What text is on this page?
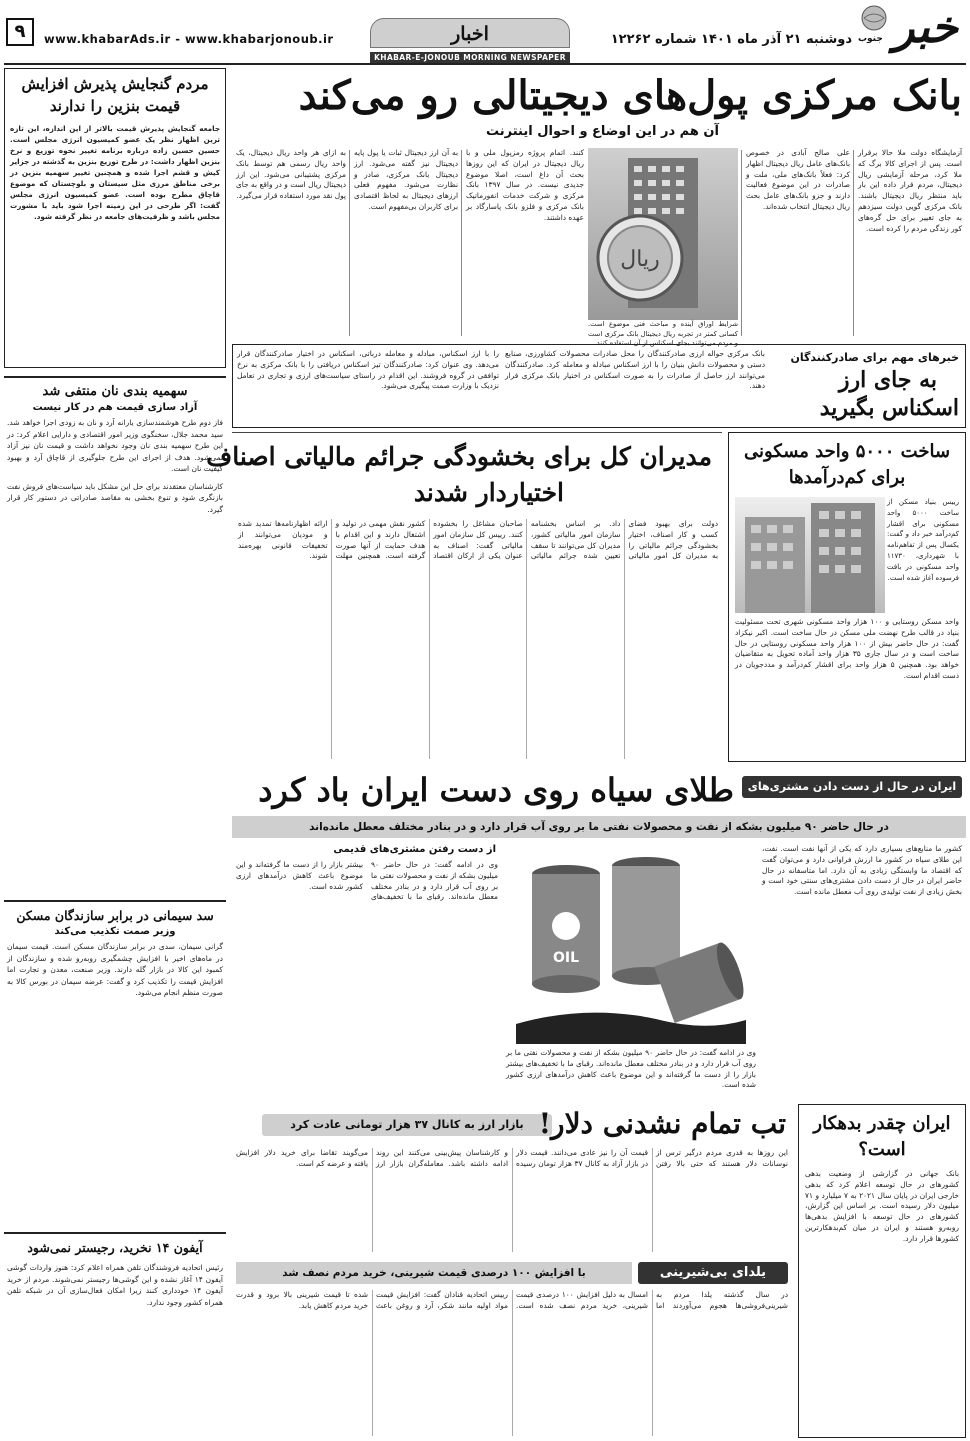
خبر
جنوب
دوشنبه ۲۱ آذر ماه ۱۴۰۱ شماره ۱۲۲۶۲
اخبار
www.khabarAds.ir - www.khabarjonoub.ir
۹
KHABAR-E-JONOUB MORNING NEWSPAPER
مردم گنجایش پذیرش افزایش قیمت بنزین را ندارند
جامعه گنجایش پذیرش قیمت بالاتر از این اندازه، این تازه ترین اظهار نظر یک عضو کمیسیون انرژی مجلس است. حسین حسین زاده درباره برنامه تغییر نحوه توزیع و نرخ بنزین اظهار داشت: در طرح توزیع بنزین به گذشته در جزایر کیش و قشم اجرا شده و همچنین تغییر سهمیه بنزین در برخی مناطق مرزی مثل سیستان و بلوچستان که موضوع قاچاق مطرح بوده است. عضو کمیسیون انرژی مجلس گفت: اگر طرحی در این زمینه اجرا شود باید با مشورت مجلس باشد و ظرفیت‌های جامعه در نظر گرفته شود.
بانک مرکزی پول‌های دیجیتالی رو می‌کند
آن هم در این اوضاع و احوال اینترنت
آزمایشگاه دولت ملا حالا برقرار است. پس از اجرای کالا برگ که ملا کرد، مرحله آزمایشی ریال دیجیتال، مردم قرار داده این بار باید منتظر ریال دیجیتال باشند. بانک مرکزی گویی دولت سیزدهم به جای تغییر برای حل گره‌های کور زندگی مردم را کرده است.
علی صالح آبادی در خصوص بانک‌های عامل ریال دیجیتال اظهار کرد: فعلاً بانک‌های ملی، ملت و صادرات در این موضوع فعالیت دارند و جزو بانک‌های عامل بحث ریال دیجیتال انتخاب شده‌اند.
ریال
شرایط اوراق آینده و مباحث فنی موضوع است. کسانی کمتر در تجربه ریال دیجیتال بانک مرکزی است و مردم می‌توانند بجای اسکناس از آن استفاده کنند.
کنند. اتمام پروژه رمزپول ملی و با ریال دیجیتال در ایران که این روزها بحث آن داغ است، اصلا موضوع جدیدی نیست. در سال ۱۳۹۷ بانک مرکزی و شرکت خدمات انفورماتیک بانک مرکزی و فلزو بانک پاسارگاد بر عهده داشتند.
به آن ارز دیجیتال ثبات یا پول پایه دیجیتال نیز گفته می‌شود. ارز دیجیتال بانک مرکزی، صادر و نظارت می‌شود. مفهوم فعلی ارزهای دیجیتال به لحاظ اقتصادی برای کاربران بی‌مفهوم است.
به ازای هر واحد ریال دیجیتال، یک واحد ریال رسمی هم توسط بانک مرکزی پشتیبانی می‌شود. این ارز دیجیتال ریال است و در واقع به جای پول نقد مورد استفاده قرار می‌گیرد.
خبرهای مهم برای صادرکنندگان
به جای ارز
اسکناس بگیرید
بانک مرکزی حواله ارزی صادرکنندگان را محل صادرات محصولات کشاورزی، صنایع دستی و محصولات دانش بنیان را با ارز اسکناس مبادله و معامله کرد. صادرکنندگان می‌توانند ارز حاصل از صادرات را به صورت اسکناس در اختیار بانک مرکزی قرار دهند.
را با ارز اسکناس، مبادله و معامله درباتی، اسکناس در اختیار صادرکنندگان قرار می‌دهد. وی عنوان کرد: صادرکنندگان تیز اسکناس دریافتی را با بانک مرکزی به نرخ توافقی در گروه فروشند. این اقدام در راستای سیاست‌های ارزی و تجاری در تعامل نزدیک با وزارت صمت پیگیری می‌شود.
سهمیه بندی نان منتفی شد
آزاد سازی قیمت هم در کار نیست
فاز دوم طرح هوشمندسازی یارانه آرد و نان به زودی اجرا خواهد شد. سید محمد جلال، سخنگوی وزیر امور اقتصادی و دارایی اعلام کرد: در این طرح سهمیه بندی نان وجود نخواهد داشت و قیمت نان نیز آزاد نمی‌شود. هدف از اجرای این طرح جلوگیری از قاچاق آرد و بهبود کیفیت نان است.
کارشناسان معتقدند برای حل این مشکل باید سیاست‌های فروش نفت بازنگری شود و تنوع بخشی به مقاصد صادراتی در دستور کار قرار گیرد.
مدیران کل برای بخشودگی جرائم مالیاتی اصناف
اختیاردار شدند
دولت برای بهبود فضای کسب و کار اصناف، اختیار بخشودگی جرائم مالیاتی را به مدیران کل امور مالیاتی داد. بر اساس بخشنامه سازمان امور مالیاتی کشور، مدیران کل می‌توانند تا سقف تعیین شده جرائم مالیاتی صاحبان مشاغل را بخشوده کنند. رییس کل سازمان امور مالیاتی گفت: اصناف به عنوان یکی از ارکان اقتصاد کشور نقش مهمی در تولید و اشتغال دارند و این اقدام با هدف حمایت از آنها صورت گرفته است. همچنین مهلت ارائه اظهارنامه‌ها تمدید شده و مودیان می‌توانند از تخفیفات قانونی بهره‌مند شوند.
ساخت ۵۰۰۰ واحد مسکونی
برای کم‌درآمدها
رییس بنیاد مسکن از ساخت ۵۰۰۰ واحد مسکونی برای اقشار کم‌درآمد خبر داد و گفت: یکسال پس از تفاهم‌نامه با شهرداری، ۱۱۷۳۰ واحد مسکونی در بافت فرسوده آغاز شده است.
واحد مسکن روستایی و ۱۰۰ هزار واحد مسکونی شهری تحت مسئولیت بنیاد در قالب طرح نهضت ملی مسکن در حال ساخت است. اکبر نیکزاد گفت: در حال حاضر بیش از ۱۰۰ هزار واحد مسکونی روستایی در حال ساخت است و در سال جاری ۳۵ هزار واحد آماده تحویل به متقاضیان خواهد بود. همچنین ۵ هزار واحد برای اقشار کم‌درآمد و مددجویان در دست اقدام است.
ایران در حال از دست دادن مشتری‌های سنتی
طلای سیاه روی دست ایران باد کرد
در حال حاضر ۹۰ میلیون بشکه از نفت و محصولات نفتی ما بر روی آب قرار دارد و در بنادر مختلف معطل مانده‌اند
کشور ما منابع‌های بسیاری دارد که یکی از آنها نفت است. نفت، این طلای سیاه در کشور ما ارزش فراوانی دارد و می‌توان گفت که اقتصاد ما وابستگی زیادی به آن دارد. اما متاسفانه در حال حاضر ایران در حال از دست دادن مشتری‌های سنتی خود است و بخش زیادی از نفت تولیدی روی آب معطل مانده است.
OIL
وی در ادامه گفت: در حال حاضر ۹۰ میلیون بشکه از نفت و محصولات نفتی ما بر روی آب قرار دارد و در بنادر مختلف معطل مانده‌اند. رقبای ما با تخفیف‌های بیشتر بازار را از دست ما گرفته‌اند و این موضوع باعث کاهش درآمدهای ارزی کشور شده است.
از دست رفتن مشتری‌های قدیمی
وی در ادامه گفت: در حال حاضر ۹۰ میلیون بشکه از نفت و محصولات نفتی ما بر روی آب قرار دارد و در بنادر مختلف معطل مانده‌اند. رقبای ما با تخفیف‌های بیشتر بازار را از دست ما گرفته‌اند و این موضوع باعث کاهش درآمدهای ارزی کشور شده است.
سد سیمانی در برابر سازندگان مسکن
وزیر صمت تکذیب می‌کند
گرانی سیمان، سدی در برابر سازندگان مسکن است. قیمت سیمان در ماه‌های اخیر با افزایش چشمگیری روبه‌رو شده و سازندگان از کمبود این کالا در بازار گله دارند. وزیر صنعت، معدن و تجارت اما افزایش قیمت را تکذیب کرد و گفت: عرضه سیمان در بورس کالا به صورت منظم انجام می‌شود.
ایران چقدر بدهکار
است؟
بانک جهانی در گزارشی از وضعیت بدهی کشورهای در حال توسعه اعلام کرد که بدهی خارجی ایران در پایان سال ۲۰۲۱ به ۷ میلیارد و ۷۱ میلیون دلار رسیده است. بر اساس این گزارش، کشورهای در حال توسعه با افزایش بدهی‌ها روبه‌رو هستند و ایران در میان کم‌بدهکارترین کشورها قرار دارد.
بازار ارز به کانال ۳۷ هزار تومانی عادت کرد تب تمام نشدنی دلار!
این روزها به قدری مردم درگیر ترس از نوسانات دلار هستند که حتی بالا رفتن قیمت آن را نیز عادی می‌دانند. قیمت دلار در بازار آزاد به کانال ۳۷ هزار تومان رسیده و کارشناسان پیش‌بینی می‌کنند این روند ادامه داشته باشد. معامله‌گران بازار ارز می‌گویند تقاضا برای خرید دلار افزایش یافته و عرضه کم است.
یلدای بی‌شیرینی
با افزایش ۱۰۰ درصدی قیمت شیرینی، خرید مردم نصف شد
در سال گذشته یلدا مردم به شیرینی‌فروشی‌ها هجوم می‌آوردند اما امسال به دلیل افزایش ۱۰۰ درصدی قیمت شیرینی، خرید مردم نصف شده است. رییس اتحادیه قنادان گفت: افزایش قیمت مواد اولیه مانند شکر، آرد و روغن باعث شده تا قیمت شیرینی بالا برود و قدرت خرید مردم کاهش یابد.
آیفون ۱۴ نخرید، رجیستر نمی‌شود
رئیس اتحادیه فروشندگان تلفن همراه اعلام کرد: هنوز واردات گوشی آیفون ۱۴ آغاز نشده و این گوشی‌ها رجیستر نمی‌شوند. مردم از خرید آیفون ۱۴ خودداری کنند زیرا امکان فعال‌سازی آن در شبکه تلفن همراه کشور وجود ندارد.
